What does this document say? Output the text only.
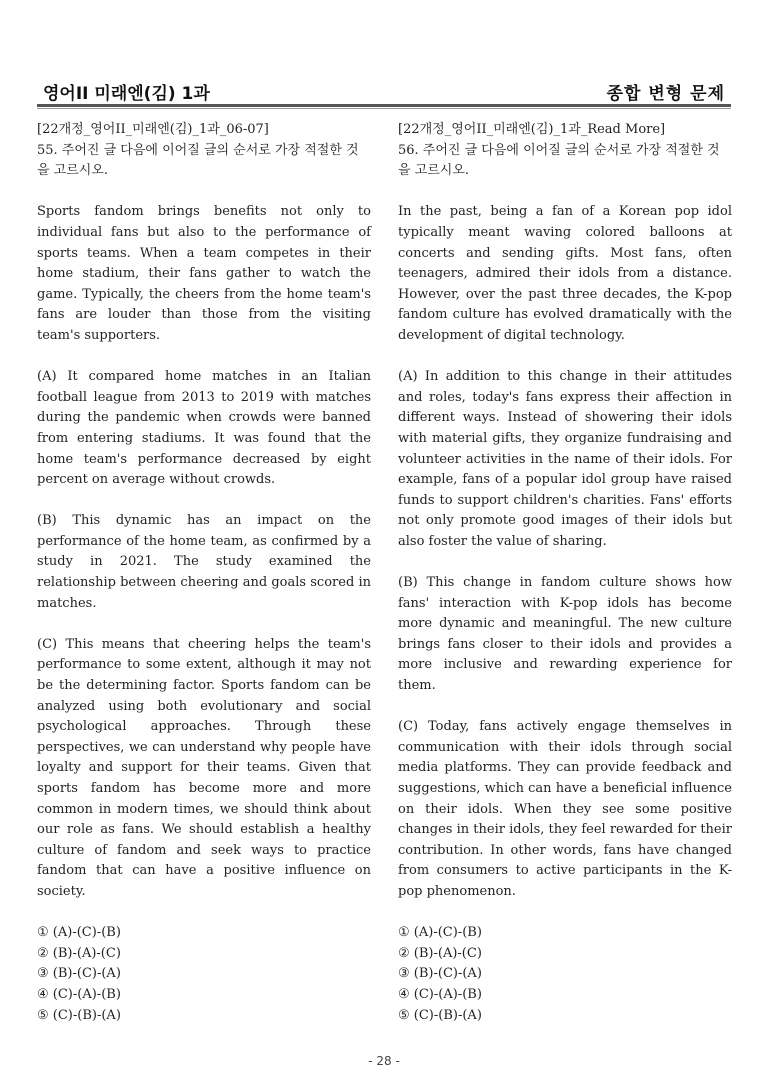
영어II 미래엔(김) 1과	종합 변형 문제
[22개정_영어II_미래엔(김)_1과_06-07]
55. 주어진 글 다음에 이어질 글의 순서로 가장 적절한 것을 고르시오.
Sports fandom brings benefits not only to individual fans but also to the performance of sports teams. When a team competes in their home stadium, their fans gather to watch the game. Typically, the cheers from the home team's fans are louder than those from the visiting team's supporters.
(A) It compared home matches in an Italian football league from 2013 to 2019 with matches during the pandemic when crowds were banned from entering stadiums. It was found that the home team's performance decreased by eight percent on average without crowds.
(B) This dynamic has an impact on the performance of the home team, as confirmed by a study in 2021. The study examined the relationship between cheering and goals scored in matches.
(C) This means that cheering helps the team's performance to some extent, although it may not be the determining factor. Sports fandom can be analyzed using both evolutionary and social psychological approaches. Through these perspectives, we can understand why people have loyalty and support for their teams. Given that sports fandom has become more and more common in modern times, we should think about our role as fans. We should establish a healthy culture of fandom and seek ways to practice fandom that can have a positive influence on society.
① (A)-(C)-(B)
② (B)-(A)-(C)
③ (B)-(C)-(A)
④ (C)-(A)-(B)
⑤ (C)-(B)-(A)
[22개정_영어II_미래엔(김)_1과_Read More]
56. 주어진 글 다음에 이어질 글의 순서로 가장 적절한 것을 고르시오.
In the past, being a fan of a Korean pop idol typically meant waving colored balloons at concerts and sending gifts. Most fans, often teenagers, admired their idols from a distance. However, over the past three decades, the K-pop fandom culture has evolved dramatically with the development of digital technology.
(A) In addition to this change in their attitudes and roles, today's fans express their affection in different ways. Instead of showering their idols with material gifts, they organize fundraising and volunteer activities in the name of their idols. For example, fans of a popular idol group have raised funds to support children's charities. Fans' efforts not only promote good images of their idols but also foster the value of sharing.
(B) This change in fandom culture shows how fans' interaction with K-pop idols has become more dynamic and meaningful. The new culture brings fans closer to their idols and provides a more inclusive and rewarding experience for them.
(C) Today, fans actively engage themselves in communication with their idols through social media platforms. They can provide feedback and suggestions, which can have a beneficial influence on their idols. When they see some positive changes in their idols, they feel rewarded for their contribution. In other words, fans have changed from consumers to active participants in the K-pop phenomenon.
① (A)-(C)-(B)
② (B)-(A)-(C)
③ (B)-(C)-(A)
④ (C)-(A)-(B)
⑤ (C)-(B)-(A)
- 28 -
